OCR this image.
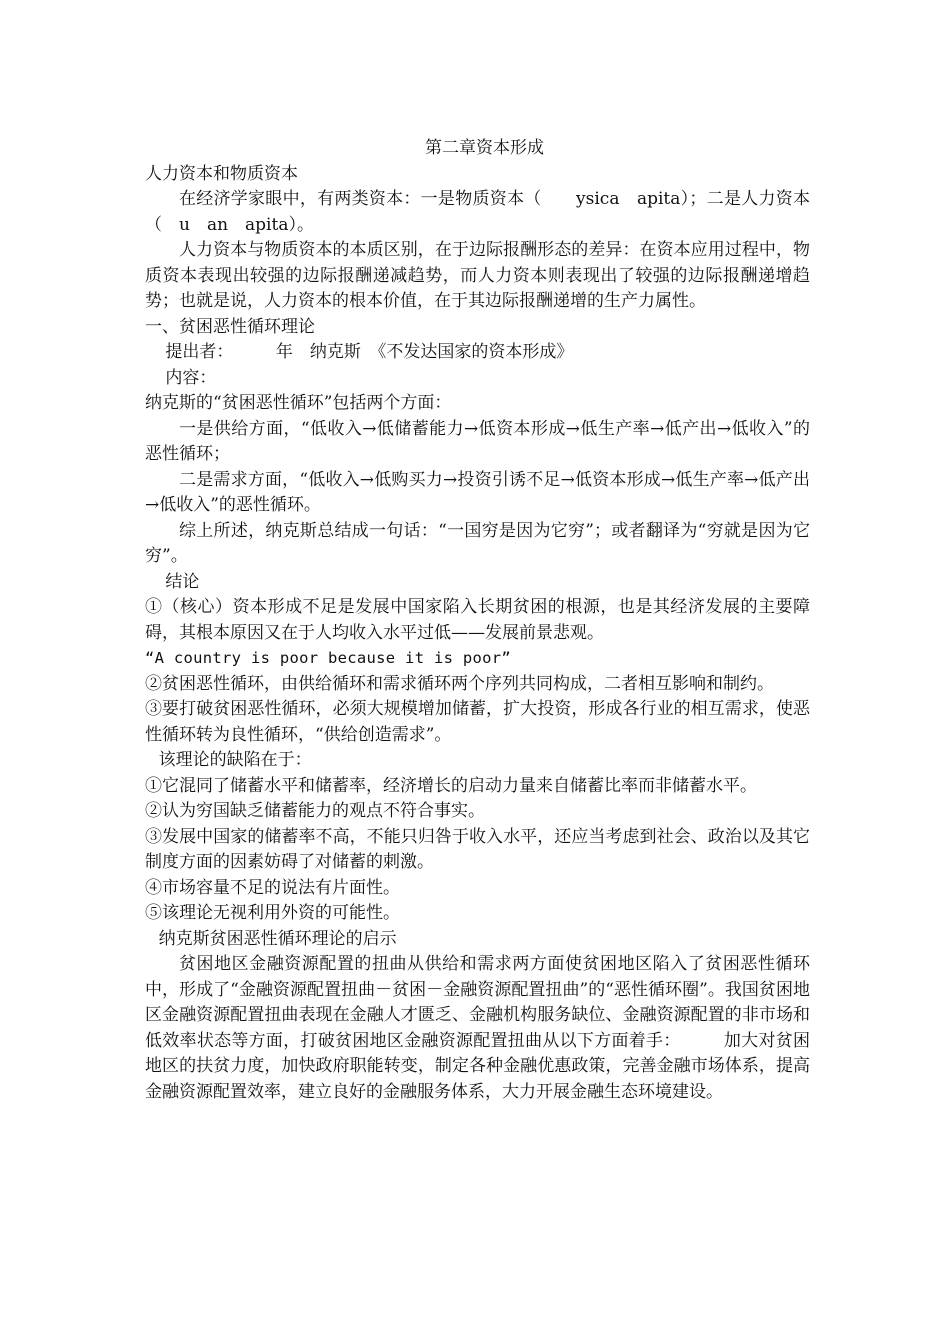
第二章资本形成

人力资本和物质资本

在经济学家眼中，有两类资本：一是物质资本（　　ysica　apita）；二是人力资本（　u　an　apita）。

人力资本与物质资本的本质区别，在于边际报酬形态的差异：在资本应用过程中，物质资本表现出较强的边际报酬递减趋势，而人力资本则表现出了较强的边际报酬递增趋势；也就是说，人力资本的根本价值，在于其边际报酬递增的生产力属性。

一、贫困恶性循环理论

提出者：　　　年　纳克斯　《不发达国家的资本形成》

内容：

纳克斯的“贫困恶性循环”包括两个方面：

一是供给方面，“低收入→低储蓄能力→低资本形成→低生产率→低产出→低收入”的恶性循环；

二是需求方面，“低收入→低购买力→投资引诱不足→低资本形成→低生产率→低产出→低收入”的恶性循环。

综上所述，纳克斯总结成一句话：“一国穷是因为它穷”；或者翻译为“穷就是因为它穷”。

结论

①（核心）资本形成不足是发展中国家陷入长期贫困的根源，也是其经济发展的主要障碍，其根本原因又在于人均收入水平过低——发展前景悲观。

“A country is poor because it is poor”

②贫困恶性循环，由供给循环和需求循环两个序列共同构成，二者相互影响和制约。

③要打破贫困恶性循环，必须大规模增加储蓄，扩大投资，形成各行业的相互需求，使恶性循环转为良性循环，“供给创造需求”。

该理论的缺陷在于：

①它混同了储蓄水平和储蓄率，经济增长的启动力量来自储蓄比率而非储蓄水平。

②认为穷国缺乏储蓄能力的观点不符合事实。

③发展中国家的储蓄率不高，不能只归咎于收入水平，还应当考虑到社会、政治以及其它制度方面的因素妨碍了对储蓄的刺激。

④市场容量不足的说法有片面性。

⑤该理论无视利用外资的可能性。

纳克斯贫困恶性循环理论的启示

贫困地区金融资源配置的扭曲从供给和需求两方面使贫困地区陷入了贫困恶性循环中，形成了“金融资源配置扭曲－贫困－金融资源配置扭曲”的“恶性循环圈”。我国贫困地区金融资源配置扭曲表现在金融人才匮乏、金融机构服务缺位、金融资源配置的非市场和低效率状态等方面，打破贫困地区金融资源配置扭曲从以下方面着手：　　　加大对贫困地区的扶贫力度，加快政府职能转变，制定各种金融优惠政策，完善金融市场体系，提高金融资源配置效率，建立良好的金融服务体系，大力开展金融生态环境建设。
